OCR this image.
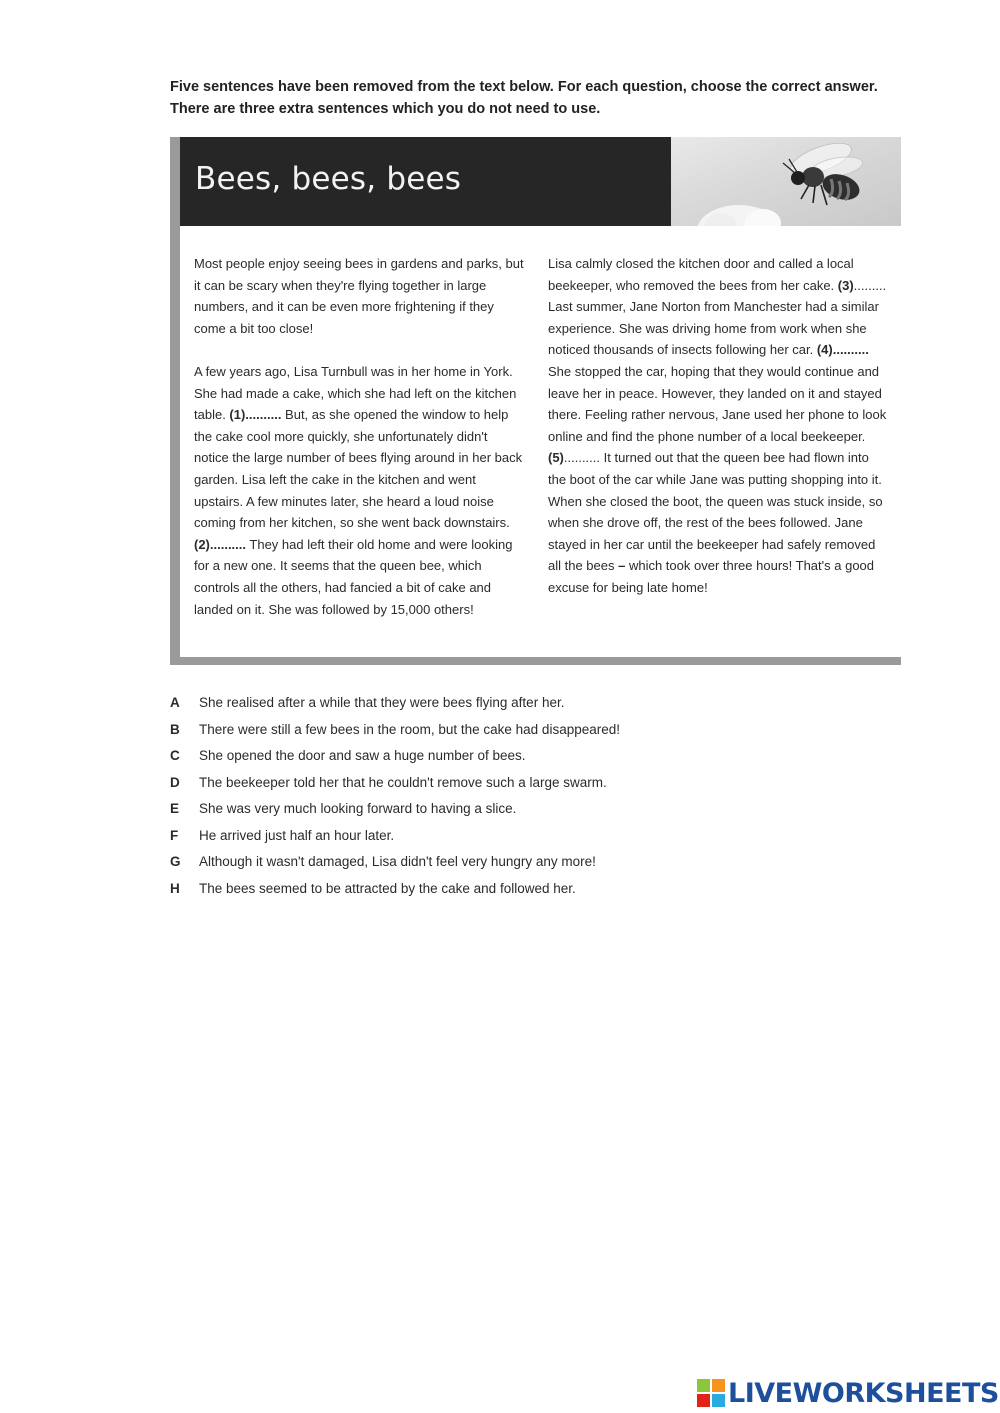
Five sentences have been removed from the text below. For each question, choose the correct answer. There are three extra sentences which you do not need to use.

Bees, bees, bees

Most people enjoy seeing bees in gardens and parks, but it can be scary when they're flying together in large numbers, and it can be even more frightening if they come a bit too close!

A few years ago, Lisa Turnbull was in her home in York. She had made a cake, which she had left on the kitchen table. (1).......... But, as she opened the window to help the cake cool more quickly, she unfortunately didn't notice the large number of bees flying around in her back garden. Lisa left the cake in the kitchen and went upstairs. A few minutes later, she heard a loud noise coming from her kitchen, so she went back downstairs. (2).......... They had left their old home and were looking for a new one. It seems that the queen bee, which controls all the others, had fancied a bit of cake and landed on it. She was followed by 15,000 others!

Lisa calmly closed the kitchen door and called a local beekeeper, who removed the bees from her cake. (3)......... Last summer, Jane Norton from Manchester had a similar experience. She was driving home from work when she noticed thousands of insects following her car. (4).......... She stopped the car, hoping that they would continue and leave her in peace. However, they landed on it and stayed there. Feeling rather nervous, Jane used her phone to look online and find the phone number of a local beekeeper. (5).......... It turned out that the queen bee had flown into the boot of the car while Jane was putting shopping into it. When she closed the boot, the queen was stuck inside, so when she drove off, the rest of the bees followed. Jane stayed in her car until the beekeeper had safely removed all the bees – which took over three hours! That's a good excuse for being late home!

A	She realised after a while that they were bees flying after her.
B	There were still a few bees in the room, but the cake had disappeared!
C	She opened the door and saw a huge number of bees.
D	The beekeeper told her that he couldn't remove such a large swarm.
E	She was very much looking forward to having a slice.
F	He arrived just half an hour later.
G	Although it wasn't damaged, Lisa didn't feel very hungry any more!
H	The bees seemed to be attracted by the cake and followed her.
LIVEWORKSHEETS
